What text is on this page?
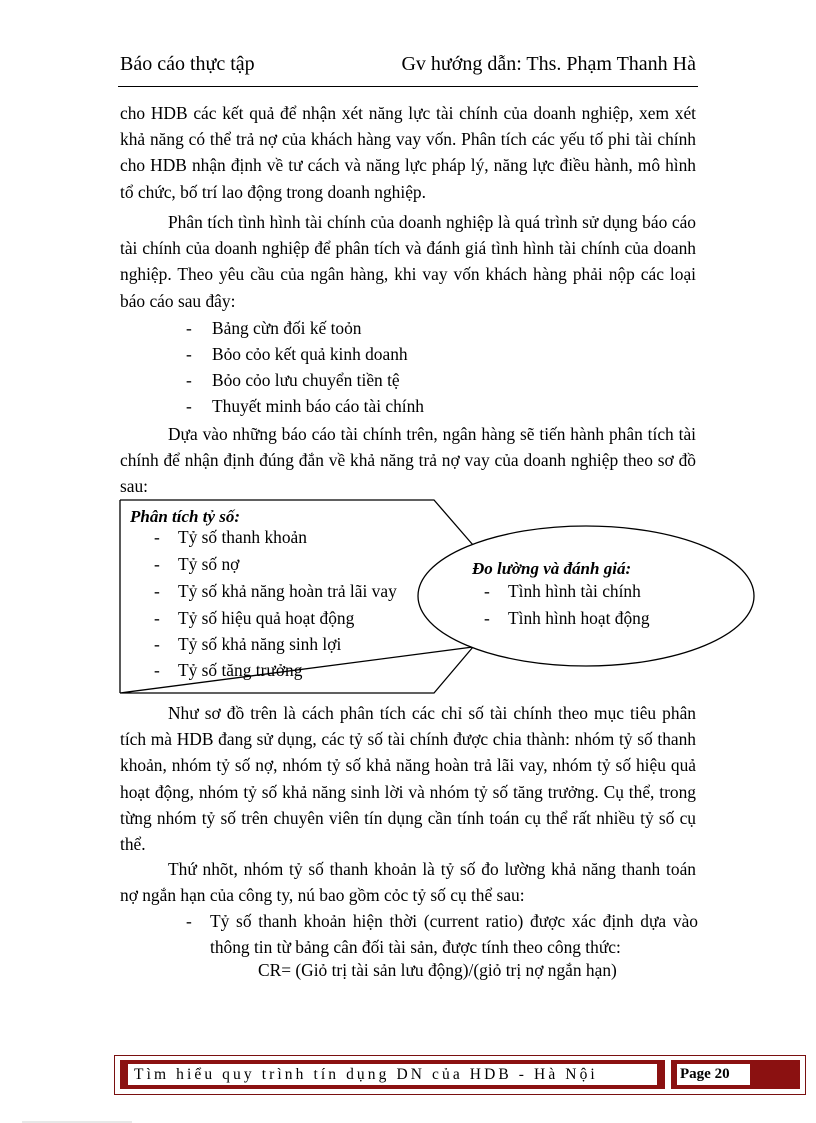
Báo cáo thực tập	Gv hướng dẫn: Ths. Phạm Thanh Hà
cho HDB các kết quả để nhận xét năng lực tài chính của doanh nghiệp, xem xét khả năng có thể trả nợ của khách hàng vay vốn. Phân tích các yếu tố phi tài chính cho HDB nhận định về tư cách và năng lực pháp lý, năng lực điều hành, mô hình tổ chức, bố trí lao động trong doanh nghiệp.
Phân tích tình hình tài chính của doanh nghiệp là quá trình sử dụng báo cáo tài chính của doanh nghiệp để phân tích và đánh giá tình hình tài chính của doanh nghiệp. Theo yêu cầu của ngân hàng, khi vay vốn khách hàng phải nộp các loại báo cáo sau đây:
- Bảng cừn đối kế toỏn
- Bỏo cỏo kết quả kinh doanh
- Bỏo cỏo lưu chuyển tiền tệ
- Thuyết minh báo cáo tài chính
Dựa vào những báo cáo tài chính trên, ngân hàng sẽ tiến hành phân tích tài chính để nhận định đúng đắn về khả năng trả nợ vay của doanh nghiệp theo sơ đồ sau:
Phân tích tỷ số:
- Tỷ số thanh khoản
- Tỷ số nợ
- Tỷ số khả năng hoàn trả lãi vay
- Tỷ số hiệu quả hoạt động
- Tỷ số khả năng sinh lợi
- Tỷ số tăng trưởng
Đo lường và đánh giá:
- Tình hình tài chính
- Tình hình hoạt động
Như sơ đồ trên là cách phân tích các chỉ số tài chính theo mục tiêu phân tích mà HDB đang sử dụng, các tỷ số tài chính được chia thành: nhóm tỷ số thanh khoản, nhóm tỷ số nợ, nhóm tỷ số khả năng hoàn trả lãi vay, nhóm tỷ số hiệu quả hoạt động, nhóm tỷ số khả năng sinh lời và nhóm tỷ số tăng trưởng. Cụ thể, trong từng nhóm tỷ số trên chuyên viên tín dụng cần tính toán cụ thể rất nhiều tỷ số cụ thể.
Thứ nhõt, nhóm tỷ số thanh khoản là tỷ số đo lường khả năng thanh toán nợ ngắn hạn của công ty, nú bao gồm cỏc tỷ số cụ thể sau:
- Tỷ số thanh khoản hiện thời (current ratio) được xác định dựa vào thông tin từ bảng cân đối tài sản, được tính theo công thức:
CR= (Giỏ trị tài sản lưu động)/(giỏ trị nợ ngắn hạn)
Tìm hiểu quy trình tín dụng DN của HDB - Hà Nội	Page 20
